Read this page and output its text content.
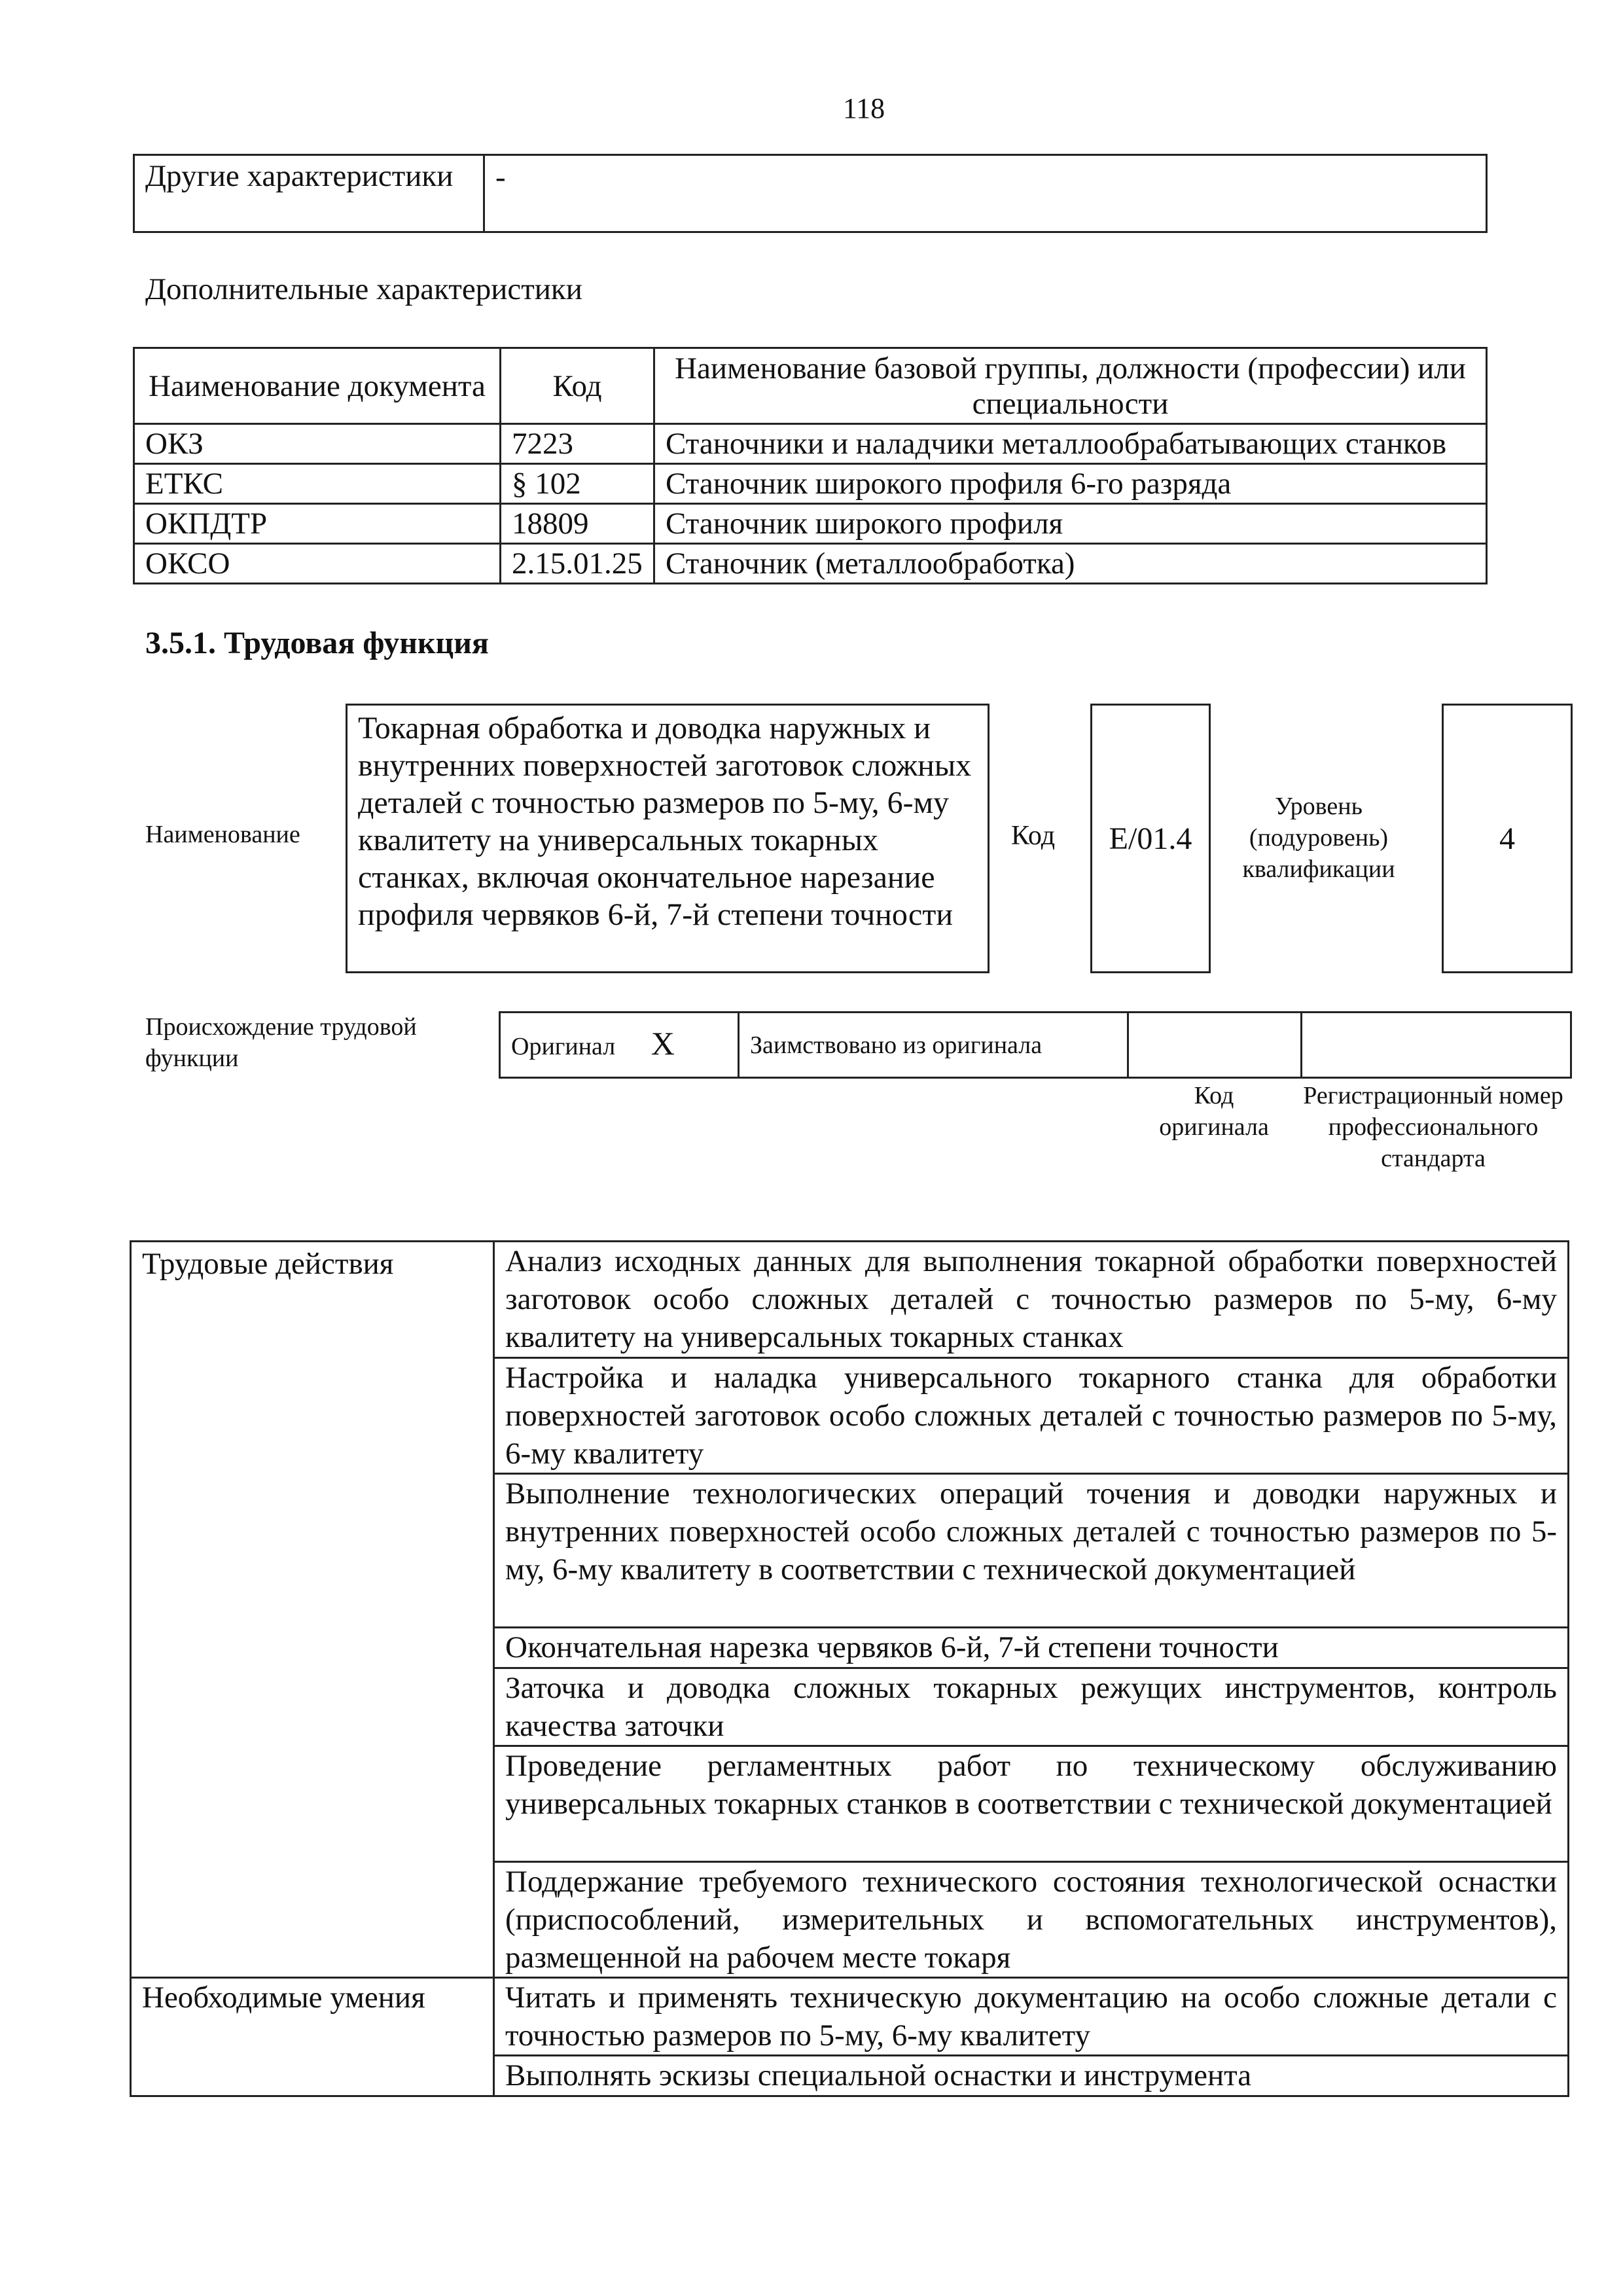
118
Другие характеристики	-
Дополнительные характеристики
Наименование документа	Код	Наименование базовой группы, должности (профессии) или специальности
ОКЗ	7223	Станочники и наладчики металлообрабатывающих станков
ЕТКС	§ 102	Станочник широкого профиля 6-го разряда
ОКПДТР	18809	Станочник широкого профиля
ОКСО	2.15.01.25	Станочник (металлообработка)
3.5.1. Трудовая функция
Наименование
Токарная обработка и доводка наружных и внутренних поверхностей заготовок сложных деталей с точностью размеров по 5-му, 6-му квалитету на универсальных токарных станках, включая окончательное нарезание профиля червяков 6-й, 7-й степени точности
Код E/01.4
Уровень (подуровень) квалификации
4
Происхождение трудовой функции	Оригинал X	Заимствовано из оригинала		
Код оригинала
Регистрационный номер профессионального стандарта
Трудовые действия	Анализ исходных данных для выполнения токарной обработки поверхностей заготовок особо сложных деталей с точностью размеров по 5-му, 6-му квалитету на универсальных токарных станках
	Настройка и наладка универсального токарного станка для обработки поверхностей заготовок особо сложных деталей с точностью размеров по 5-му, 6-му квалитету
	Выполнение технологических операций точения и доводки наружных и внутренних поверхностей особо сложных деталей с точностью размеров по 5-му, 6-му квалитету в соответствии с технической документацией
	Окончательная нарезка червяков 6-й, 7-й степени точности
	Заточка и доводка сложных токарных режущих инструментов, контроль качества заточки
	Проведение регламентных работ по техническому обслуживанию универсальных токарных станков в соответствии с технической документацией
	Поддержание требуемого технического состояния технологической оснастки (приспособлений, измерительных и вспомогательных инструментов), размещенной на рабочем месте токаря
Необходимые умения	Читать и применять техническую документацию на особо сложные детали с точностью размеров по 5-му, 6-му квалитету
	Выполнять эскизы специальной оснастки и инструмента
